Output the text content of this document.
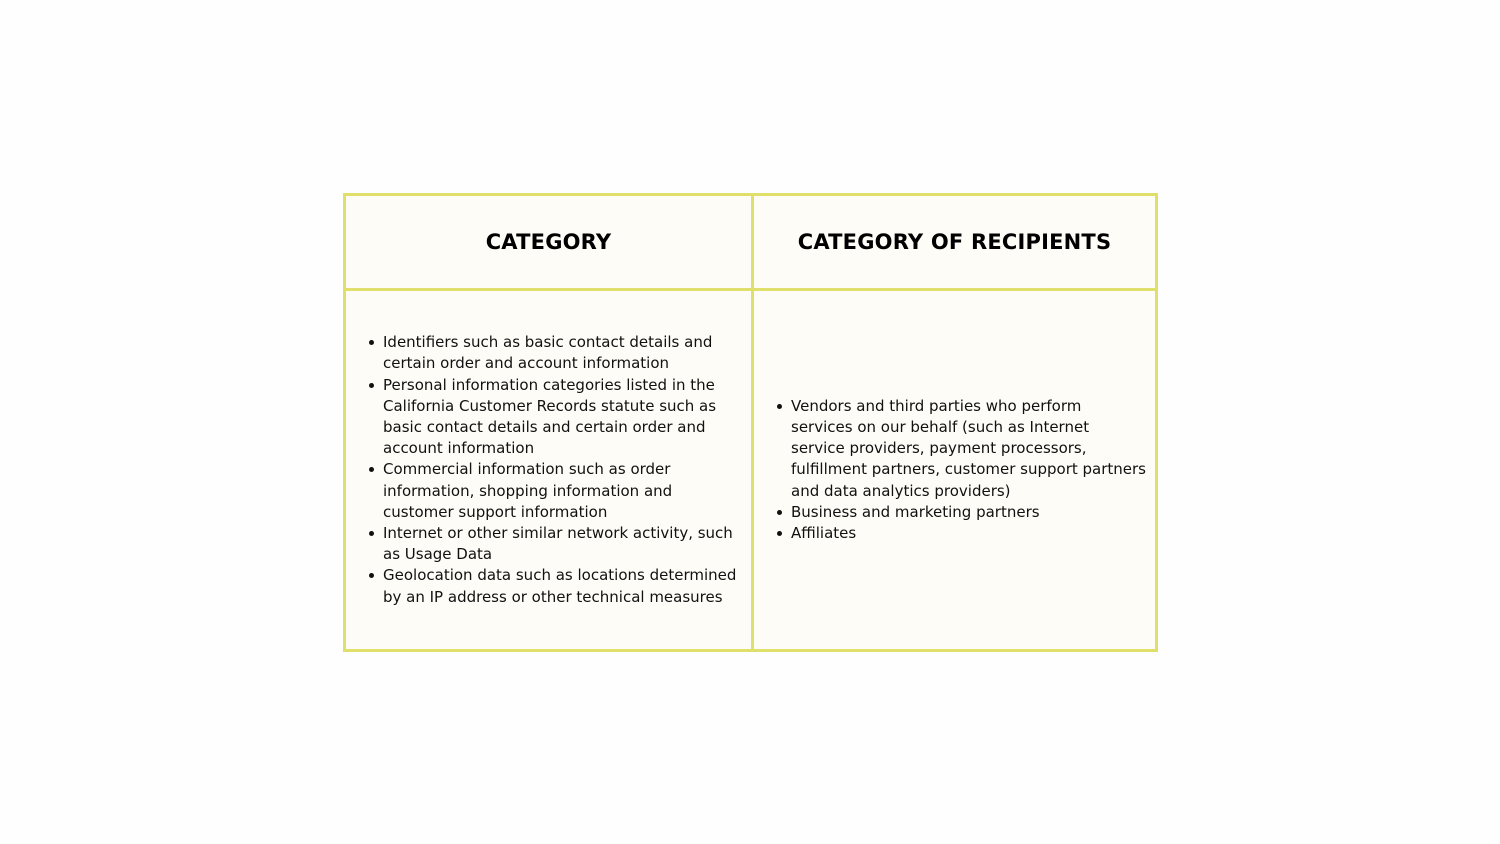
CATEGORY	CATEGORY OF RECIPIENTS
Identifiers such as basic contact details and certain order and account information
Personal information categories listed in the California Customer Records statute such as basic contact details and certain order and account information
Commercial information such as order information, shopping information and customer support information
Internet or other similar network activity, such as Usage Data
Geolocation data such as locations determined by an IP address or other technical measures
Vendors and third parties who perform services on our behalf (such as Internet service providers, payment processors, fulfillment partners, customer support partners and data analytics providers)
Business and marketing partners
Affiliates
